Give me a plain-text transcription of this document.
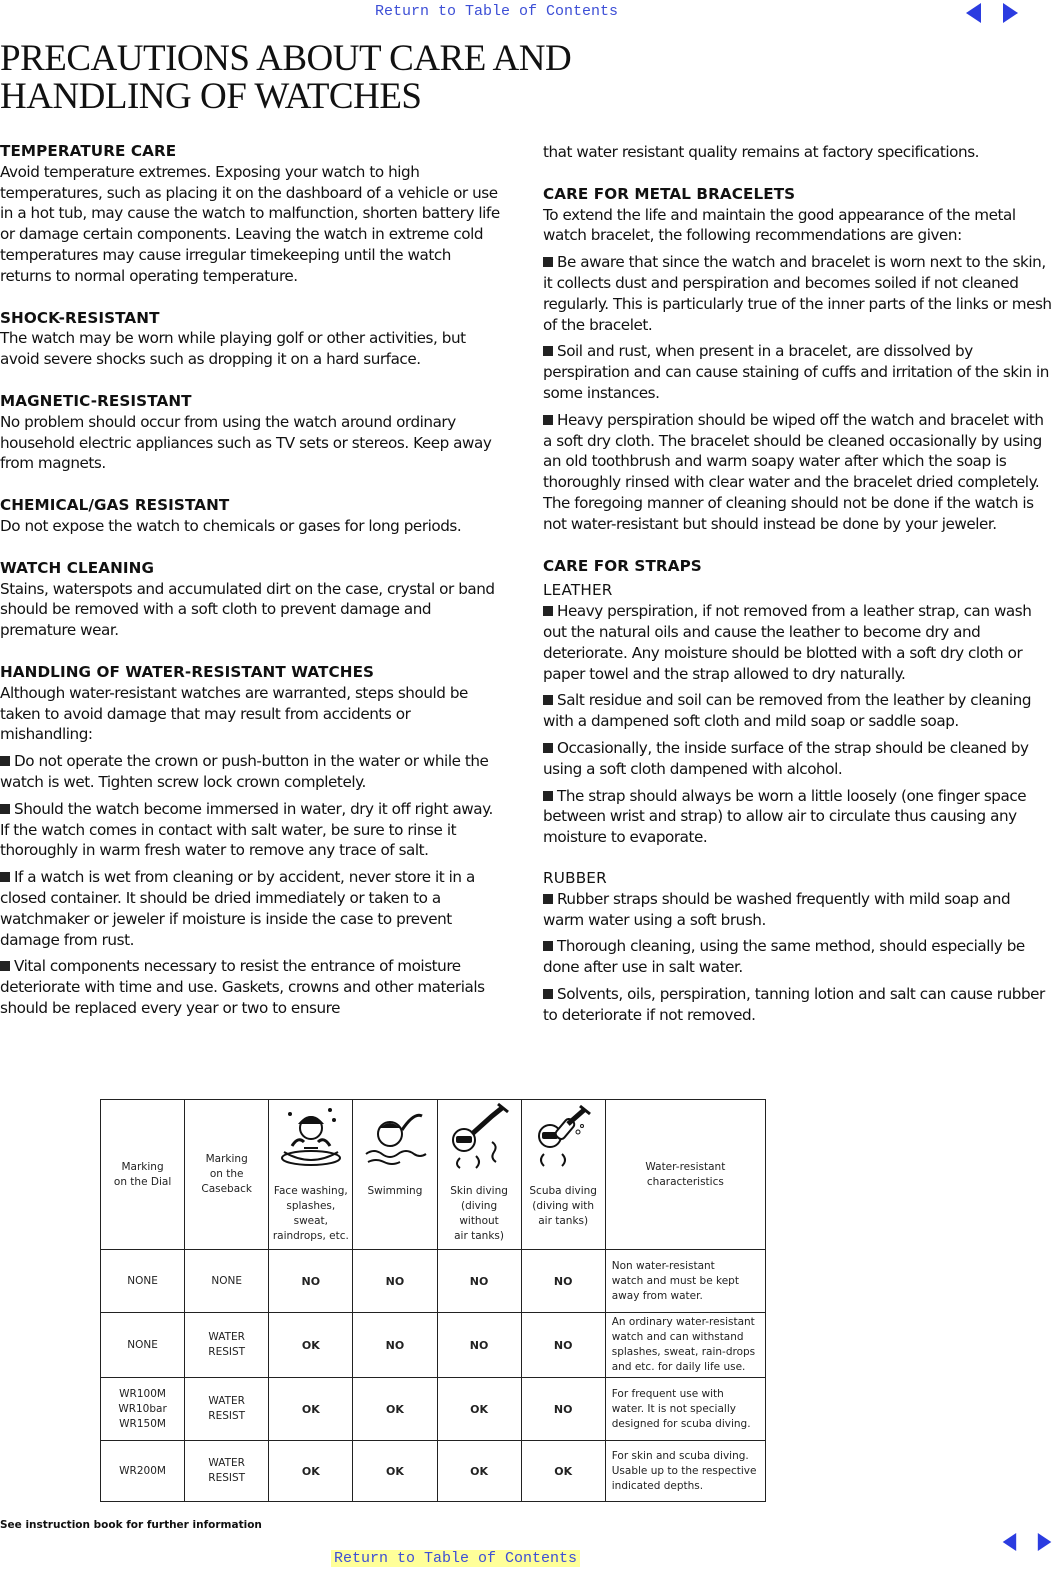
Return to Table of Contents
PRECAUTIONS ABOUT CARE AND
HANDLING OF WATCHES
TEMPERATURE CARE
Avoid temperature extremes. Exposing your watch to high temperatures, such as placing it on the dashboard of a vehicle or use in a hot tub, may cause the watch to malfunction, shorten battery life or damage certain components. Leaving the watch in extreme cold temperatures may cause irregular timekeeping until the watch returns to normal operating temperature.
SHOCK-RESISTANT
The watch may be worn while playing golf or other activities, but avoid severe shocks such as dropping it on a hard surface.
MAGNETIC-RESISTANT
No problem should occur from using the watch around ordinary household electric appliances such as TV sets or stereos. Keep away from magnets.
CHEMICAL/GAS RESISTANT
Do not expose the watch to chemicals or gases for long periods.
WATCH CLEANING
Stains, waterspots and accumulated dirt on the case, crystal or band should be removed with a soft cloth to prevent damage and premature wear.
HANDLING OF WATER-RESISTANT WATCHES
Although water-resistant watches are warranted, steps should be taken to avoid damage that may result from accidents or mishandling:
Do not operate the crown or push-button in the water or while the watch is wet. Tighten screw lock crown completely.
Should the watch become immersed in water, dry it off right away. If the watch comes in contact with salt water, be sure to rinse it thoroughly in warm fresh water to remove any trace of salt.
If a watch is wet from cleaning or by accident, never store it in a closed container. It should be dried immediately or taken to a watchmaker or jeweler if moisture is inside the case to prevent damage from rust.
Vital components necessary to resist the entrance of moisture deteriorate with time and use. Gaskets, crowns and other materials should be replaced every year or two to ensure
that water resistant quality remains at factory specifications.
CARE FOR METAL BRACELETS
To extend the life and maintain the good appearance of the metal watch bracelet, the following recommendations are given:
Be aware that since the watch and bracelet is worn next to the skin, it collects dust and perspiration and becomes soiled if not cleaned regularly. This is particularly true of the inner parts of the links or mesh of the bracelet.
Soil and rust, when present in a bracelet, are dissolved by perspiration and can cause staining of cuffs and irritation of the skin in some instances.
Heavy perspiration should be wiped off the watch and bracelet with a soft dry cloth. The bracelet should be cleaned occasionally by using an old toothbrush and warm soapy water after which the soap is thoroughly rinsed with clear water and the bracelet dried completely. The foregoing manner of cleaning should not be done if the watch is not water-resistant but should instead be done by your jeweler.
CARE FOR STRAPS
LEATHER
Heavy perspiration, if not removed from a leather strap, can wash out the natural oils and cause the leather to become dry and deteriorate. Any moisture should be blotted with a soft dry cloth or paper towel and the strap allowed to dry naturally.
Salt residue and soil can be removed from the leather by cleaning with a dampened soft cloth and mild soap or saddle soap.
Occasionally, the inside surface of the strap should be cleaned by using a soft cloth dampened with alcohol.
The strap should always be worn a little loosely (one finger space between wrist and strap) to allow air to circulate thus causing any moisture to evaporate.
RUBBER
Rubber straps should be washed frequently with mild soap and warm water using a soft brush.
Thorough cleaning, using the same method, should especially be done after use in salt water.
Solvents, oils, perspiration, tanning lotion and salt can cause rubber to deteriorate if not removed.
Marking
on the Dial	Marking
on the
Caseback	Face washing,
splashes,
sweat,
raindrops, etc.	Swimming	Skin diving
(diving
without
air tanks)	Scuba diving
(diving with
air tanks)	Water-resistant
characteristics
NONE	NONE	NO	NO	NO	NO	Non water-resistant
watch and must be kept
away from water.
NONE	WATER
RESIST	OK	NO	NO	NO	An ordinary water-resistant
watch and can withstand
splashes, sweat, rain-drops
and etc. for daily life use.
WR100M
WR10bar
WR150M	WATER
RESIST	OK	OK	OK	NO	For frequent use with
water. It is not specially
designed for scuba diving.
WR200M	WATER
RESIST	OK	OK	OK	OK	For skin and scuba diving.
Usable up to the respective
indicated depths.
See instruction book for further information
Return to Table of Contents
